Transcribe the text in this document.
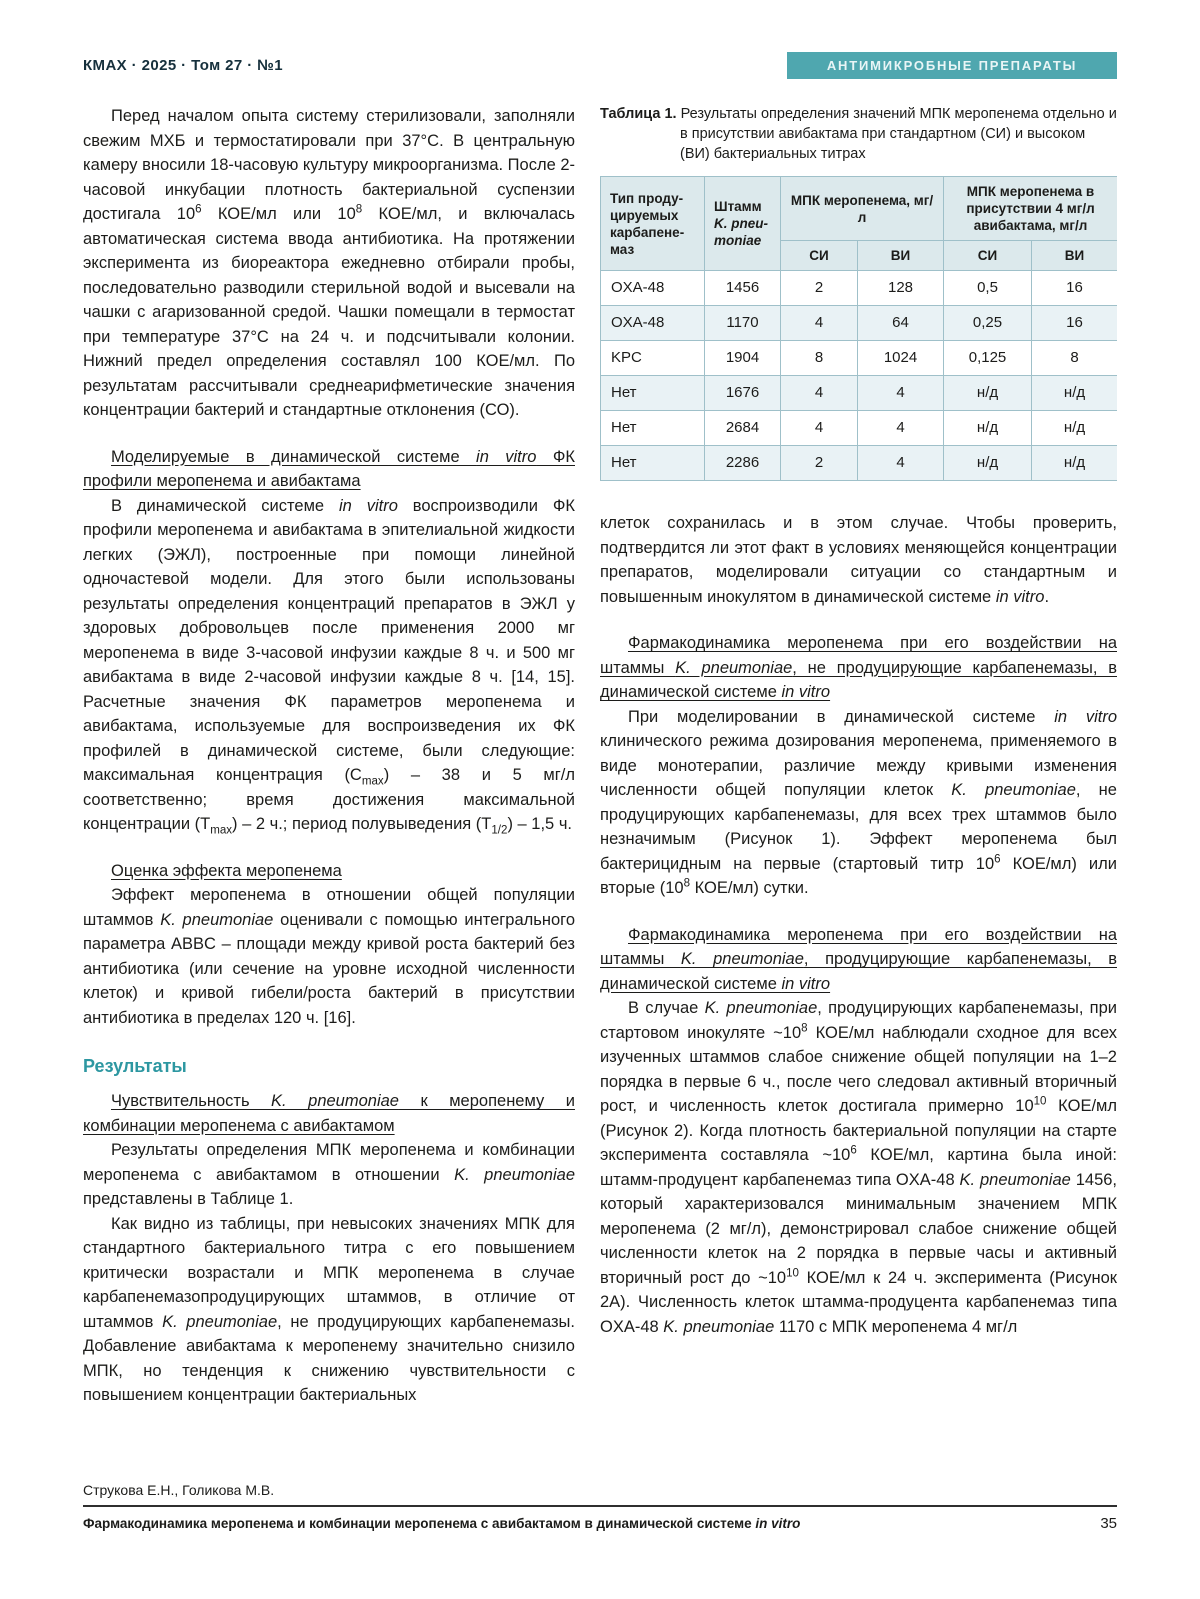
КМАХ · 2025 · Том 27 · №1	АНТИМИКРОБНЫЕ ПРЕПАРАТЫ

Перед началом опыта систему стерилизовали, заполняли свежим МХБ и термостатировали при 37°С. В центральную камеру вносили 18-часовую культуру микроорганизма. После 2-часовой инкубации плотность бактериальной суспензии достигала $10^6$ КОЕ/мл или $10^8$ КОЕ/мл, и включалась автоматическая система ввода антибиотика. На протяжении эксперимента из биореактора ежедневно отбирали пробы, последовательно разводили стерильной водой и высевали на чашки с агаризованной средой. Чашки помещали в термостат при температуре 37°С на 24 ч. и подсчитывали колонии. Нижний предел определения составлял 100 КОЕ/мл. По результатам рассчитывали среднеарифметические значения концентрации бактерий и стандартные отклонения (СО).

Моделируемые в динамической системе in vitro ФК профили меропенема и авибактама

В динамической системе in vitro воспроизводили ФК профили меропенема и авибактама в эпителиальной жидкости легких (ЭЖЛ), построенные при помощи линейной одночастевой модели. Для этого были использованы результаты определения концентраций препаратов в ЭЖЛ у здоровых добровольцев после применения 2000 мг меропенема в виде 3-часовой инфузии каждые 8 ч. и 500 мг авибактама в виде 2-часовой инфузии каждые 8 ч. [14, 15]. Расчетные значения ФК параметров меропенема и авибактама, используемые для воспроизведения их ФК профилей в динамической системе, были следующие: максимальная концентрация $(C_{max}) - 38$ и 5 мг/л соответственно; время достижения максимальной концентрации $(T_{max}) - 2$ ч.; период полувыведения $(T_{1/2}) - 1,5$ ч.

Оценка эффекта меропенема

Эффект меропенема в отношении общей популяции штаммов K. pneumoniae оценивали с помощью интегрального параметра ABBC – площади между кривой роста бактерий без антибиотика (или сечение на уровне исходной численности клеток) и кривой гибели/роста бактерий в присутствии антибиотика в пределах 120 ч. [16].

Результаты

Чувствительность K. pneumoniae к меропенему и комбинации меропенема с авибактамом

Результаты определения МПК меропенема и комбинации меропенема с авибактамом в отношении K. pneumoniae представлены в Таблице 1.

Как видно из таблицы, при невысоких значениях МПК для стандартного бактериального титра с его повышением критически возрастали и МПК меропенема в случае карбапенемазопродуцирующих штаммов, в отличие от штаммов K. pneumoniae, не продуцирующих карбапенемазы. Добавление авибактама к меропенему значительно снизило МПК, но тенденция к снижению чувствительности с повышением концентрации бактериальных

Таблица 1. Результаты определения значений МПК меропенема отдельно и в присутствии авибактама при стандартном (СИ) и высоком (ВИ) бактериальных титрах
Тип продуцируемых карбапенемаз	Штамм K. pneumoniae	МПК меропенема, мг/л		МПК меропенема в присутствии 4 мг/л авибактама, мг/л	
		СИ	ВИ	СИ	ВИ
OXA-48	1456	2	128	0,5	16
OXA-48	1170	4	64	0,25	16
KPC	1904	8	1024	0,125	8
Нет	1676	4	4	н/д	н/д
Нет	2684	4	4	н/д	н/д
Нет	2286	2	4	н/д	н/д

клеток сохранилась и в этом случае. Чтобы проверить, подтвердится ли этот факт в условиях меняющейся концентрации препаратов, моделировали ситуации со стандартным и повышенным инокулятом в динамической системе in vitro.

Фармакодинамика меропенема при его воздействии на штаммы K. pneumoniae, не продуцирующие карбапенемазы, в динамической системе in vitro

При моделировании в динамической системе in vitro клинического режима дозирования меропенема, применяемого в виде монотерапии, различие между кривыми изменения численности общей популяции клеток K. pneumoniae, не продуцирующих карбапенемазы, для всех трех штаммов было незначимым (Рисунок 1). Эффект меропенема был бактерицидным на первые (стартовый титр $10^6$ КОЕ/мл) или вторые ($10^8$ КОЕ/мл) сутки.

Фармакодинамика меропенема при его воздействии на штаммы K. pneumoniae, продуцирующие карбапенемазы, в динамической системе in vitro

В случае K. pneumoniae, продуцирующих карбапенемазы, при стартовом инокуляте $\sim 10^8$ КОЕ/мл наблюдали сходное для всех изученных штаммов слабое снижение общей популяции на 1–2 порядка в первые 6 ч., после чего следовал активный вторичный рост, и численность клеток достигала примерно $10^{10}$ КОЕ/мл (Рисунок 2). Когда плотность бактериальной популяции на старте эксперимента составляла $\sim 10^6$ КОЕ/мл, картина была иной: штамм-продуцент карбапенемаз типа OXA-48 K. pneumoniae 1456, который характеризовался минимальным значением МПК меропенема (2 мг/л), демонстрировал слабое снижение общей численности клеток на 2 порядка в первые часы и активный вторичный рост до $\sim 10^{10}$ КОЕ/мл к 24 ч. эксперимента (Рисунок 2А). Численность клеток штамма-продуцента карбапенемаз типа OXA-48 K. pneumoniae 1170 с МПК меропенема 4 мг/л

Струкова Е.Н., Голикова М.В.
Фармакодинамика меропенема и комбинации меропенема с авибактамом в динамической системе in vitro	35
